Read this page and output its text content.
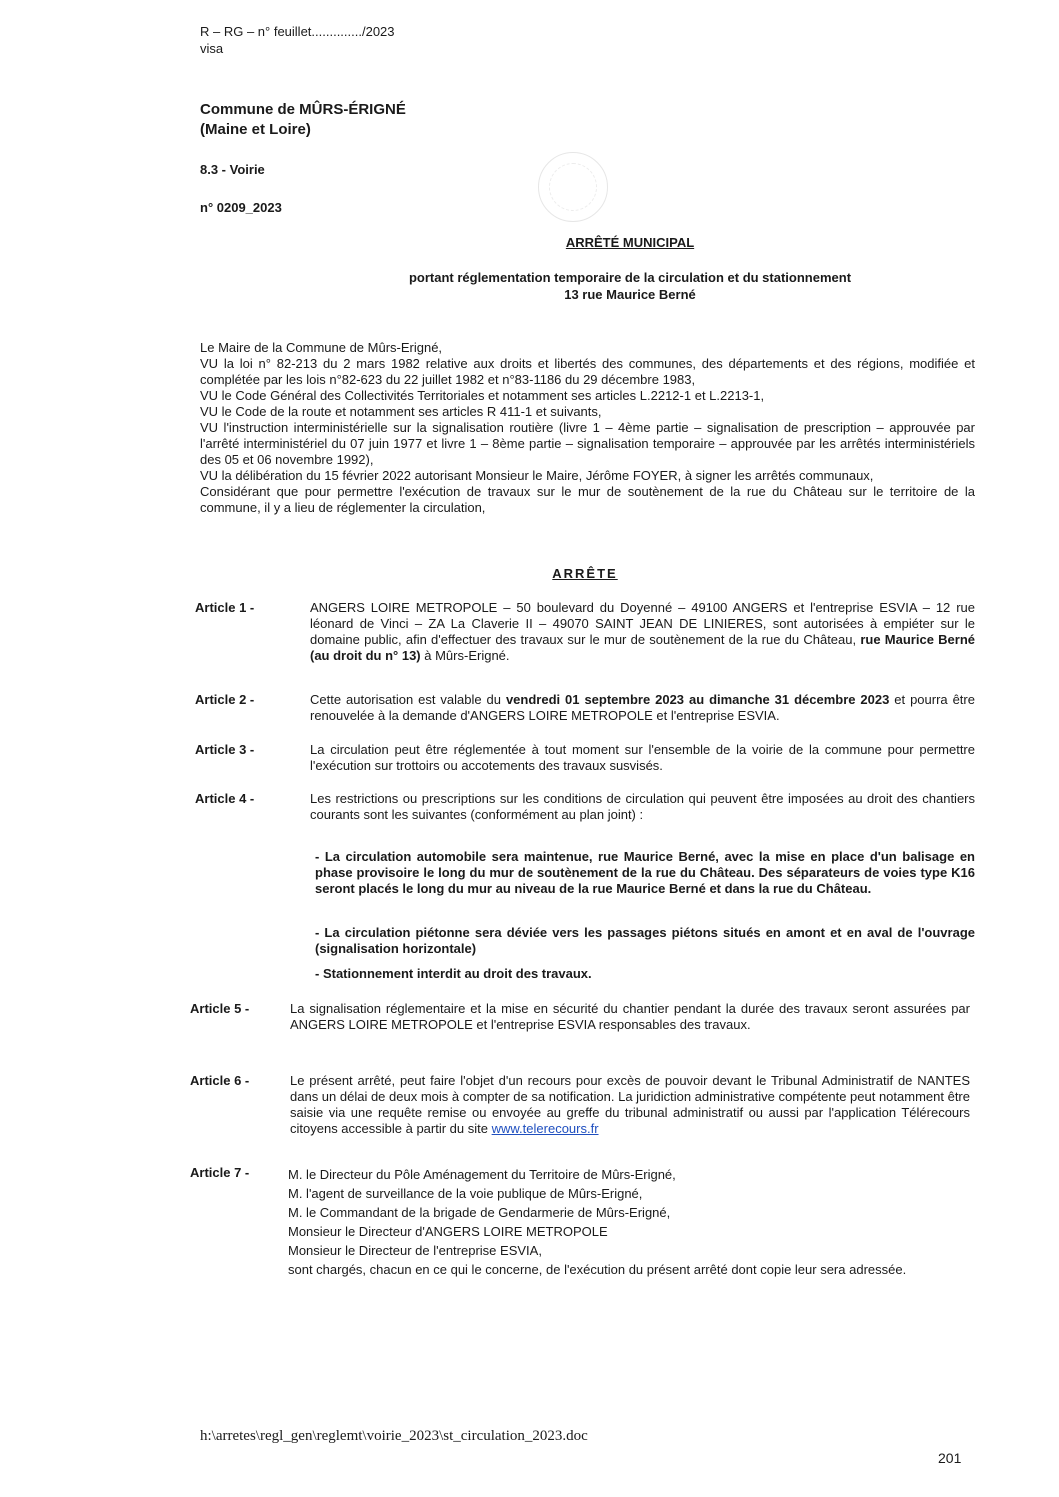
R – RG – n° feuillet............../2023
visa
Commune de MÛRS-ÉRIGNÉ
(Maine et Loire)
8.3 - Voirie
n° 0209_2023
ARRÊTÉ MUNICIPAL
portant réglementation temporaire de la circulation et du stationnement
13 rue Maurice Berné
Le Maire de la Commune de Mûrs-Erigné,
VU la loi n° 82-213 du 2 mars 1982 relative aux droits et libertés des communes, des départements et des régions, modifiée et complétée par les lois n°82-623 du 22 juillet 1982 et n°83-1186 du 29 décembre 1983,
VU le Code Général des Collectivités Territoriales et notamment ses articles L.2212-1 et L.2213-1,
VU le Code de la route et notamment ses articles R 411-1 et suivants,
VU l'instruction interministérielle sur la signalisation routière (livre 1 – 4ème partie – signalisation de prescription – approuvée par l'arrêté interministériel du 07 juin 1977 et livre 1 – 8ème partie – signalisation temporaire – approuvée par les arrêtés interministériels des 05 et 06 novembre 1992),
VU la délibération du 15 février 2022 autorisant Monsieur le Maire, Jérôme FOYER, à signer les arrêtés communaux,
Considérant que pour permettre l'exécution de travaux sur le mur de soutènement de la rue du Château sur le territoire de la commune, il y a lieu de réglementer la circulation,
ARRÊTE
Article 1 -	ANGERS LOIRE METROPOLE – 50 boulevard du Doyenné – 49100 ANGERS et l'entreprise ESVIA – 12 rue léonard de Vinci – ZA La Claverie II – 49070 SAINT JEAN DE LINIERES, sont autorisées à empiéter sur le domaine public, afin d'effectuer des travaux sur le mur de soutènement de la rue du Château, rue Maurice Berné (au droit du n° 13) à Mûrs-Erigné.
Article 2 -	Cette autorisation est valable du vendredi 01 septembre 2023 au dimanche 31 décembre 2023 et pourra être renouvelée à la demande d'ANGERS LOIRE METROPOLE et l'entreprise ESVIA.
Article 3 -	La circulation peut être réglementée à tout moment sur l'ensemble de la voirie de la commune pour permettre l'exécution sur trottoirs ou accotements des travaux susvisés.
Article 4 -	Les restrictions ou prescriptions sur les conditions de circulation qui peuvent être imposées au droit des chantiers courants sont les suivantes (conformément au plan joint) :
- La circulation automobile sera maintenue, rue Maurice Berné, avec la mise en place d'un balisage en phase provisoire le long du mur de soutènement de la rue du Château. Des séparateurs de voies type K16 seront placés le long du mur au niveau de la rue Maurice Berné et dans la rue du Château.
- La circulation piétonne sera déviée vers les passages piétons situés en amont et en aval de l'ouvrage (signalisation horizontale)
- Stationnement interdit au droit des travaux.
Article 5 -	La signalisation réglementaire et la mise en sécurité du chantier pendant la durée des travaux seront assurées par ANGERS LOIRE METROPOLE et l'entreprise ESVIA responsables des travaux.
Article 6 -	Le présent arrêté, peut faire l'objet d'un recours pour excès de pouvoir devant le Tribunal Administratif de NANTES dans un délai de deux mois à compter de sa notification. La juridiction administrative compétente peut notamment être saisie via une requête remise ou envoyée au greffe du tribunal administratif ou aussi par l'application Télérecours citoyens accessible à partir du site www.telerecours.fr
Article 7 -	M. le Directeur du Pôle Aménagement du Territoire de Mûrs-Erigné,
M. l'agent de surveillance de la voie publique de Mûrs-Erigné,
M. le Commandant de la brigade de Gendarmerie de Mûrs-Erigné,
Monsieur le Directeur d'ANGERS LOIRE METROPOLE
Monsieur le Directeur de l'entreprise ESVIA,
sont chargés, chacun en ce qui le concerne, de l'exécution du présent arrêté dont copie leur sera adressée.
h:\arretes\regl_gen\reglemt\voirie_2023\st_circulation_2023.doc
201
